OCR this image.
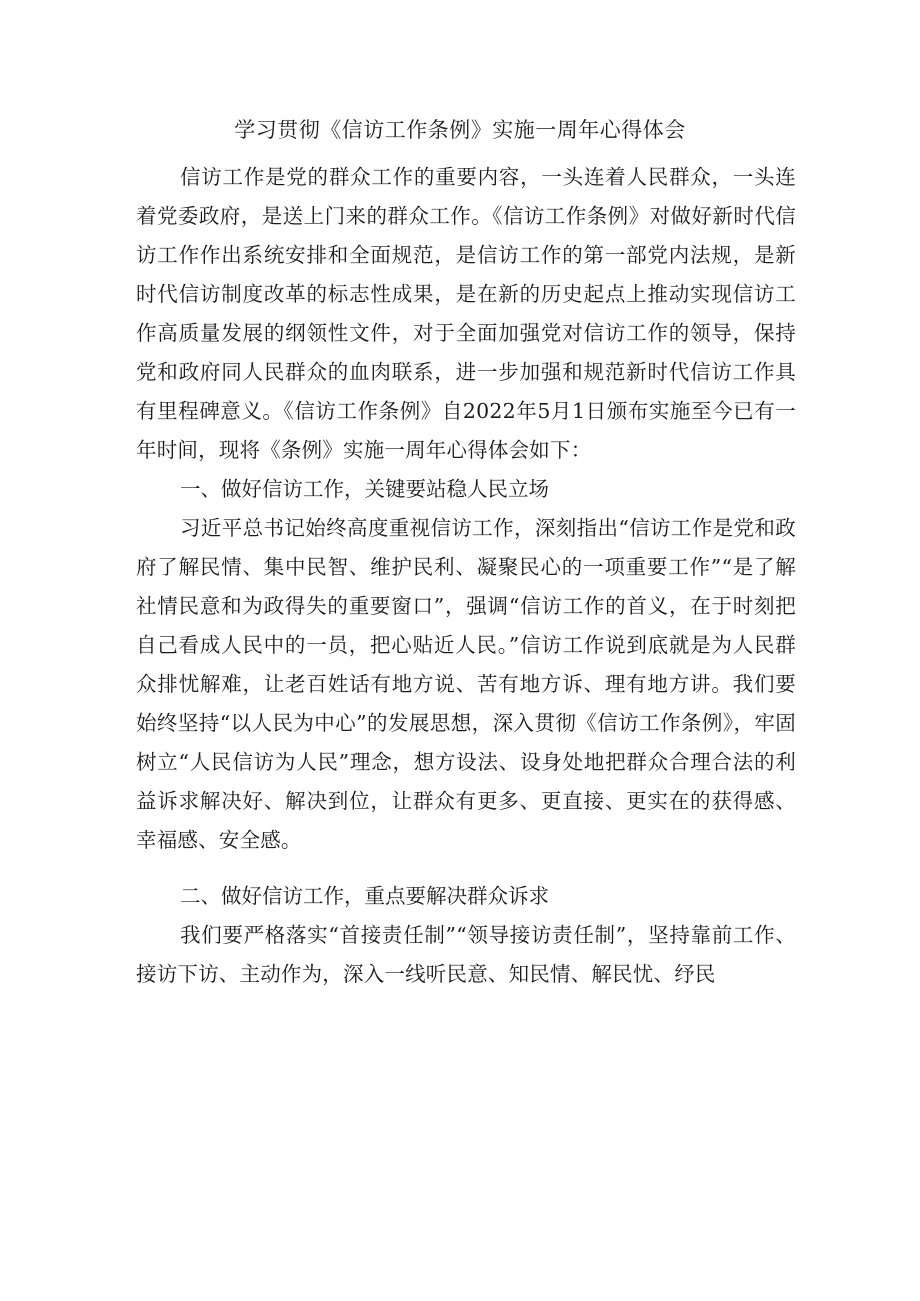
学习贯彻《信访工作条例》实施一周年心得体会

信访工作是党的群众工作的重要内容，一头连着人民群众，一头连着党委政府，是送上门来的群众工作。《信访工作条例》对做好新时代信访工作作出系统安排和全面规范，是信访工作的第一部党内法规，是新时代信访制度改革的标志性成果，是在新的历史起点上推动实现信访工作高质量发展的纲领性文件，对于全面加强党对信访工作的领导，保持党和政府同人民群众的血肉联系，进一步加强和规范新时代信访工作具有里程碑意义。《信访工作条例》自2022年5月1日颁布实施至今已有一年时间，现将《条例》实施一周年心得体会如下：

一、做好信访工作，关键要站稳人民立场

习近平总书记始终高度重视信访工作，深刻指出“信访工作是党和政府了解民情、集中民智、维护民利、凝聚民心的一项重要工作”“是了解社情民意和为政得失的重要窗口”，强调“信访工作的首义，在于时刻把自己看成人民中的一员，把心贴近人民。”信访工作说到底就是为人民群众排忧解难，让老百姓话有地方说、苦有地方诉、理有地方讲。我们要始终坚持“以人民为中心”的发展思想，深入贯彻《信访工作条例》，牢固树立“人民信访为人民”理念，想方设法、设身处地把群众合理合法的利益诉求解决好、解决到位，让群众有更多、更直接、更实在的获得感、幸福感、安全感。

二、做好信访工作，重点要解决群众诉求

我们要严格落实“首接责任制”“领导接访责任制”，坚持靠前工作、接访下访、主动作为，深入一线听民意、知民情、解民忧、纾民
